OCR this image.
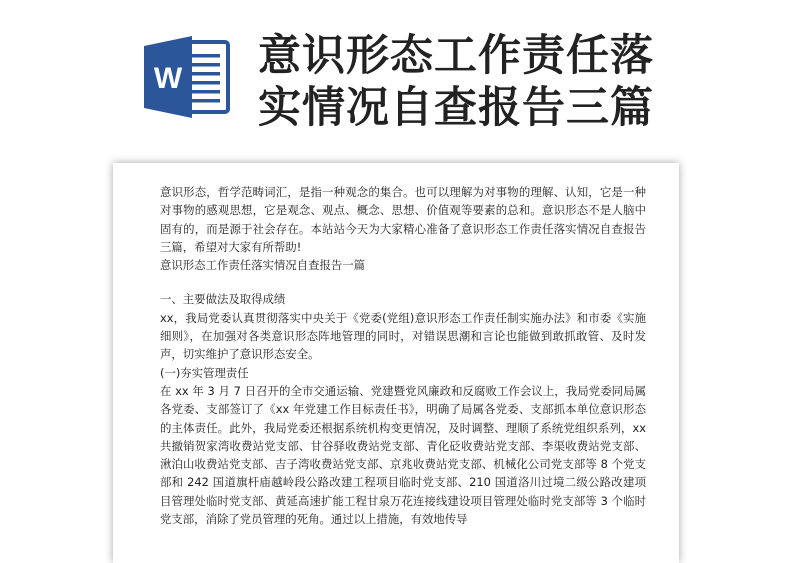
W 意识形态工作责任落
实情况自查报告三篇

意识形态，哲学范畴词汇，是指一种观念的集合。也可以理解为对事物的理解、认知，它是一种对事物的感观思想，它是观念、观点、概念、思想、价值观等要素的总和。意识形态不是人脑中固有的，而是源于社会存在。本站站今天为大家精心准备了意识形态工作责任落实情况自查报告三篇，希望对大家有所帮助!

意识形态工作责任落实情况自查报告一篇

一、主要做法及取得成绩

xx，我局党委认真贯彻落实中央关于《党委(党组)意识形态工作责任制实施办法》和市委《实施细则》，在加强对各类意识形态阵地管理的同时，对错误思潮和言论也能做到敢抓敢管、及时发声，切实维护了意识形态安全。

(一)夯实管理责任

在 xx 年 3 月 7 日召开的全市交通运输、党建暨党风廉政和反腐败工作会议上，我局党委同局属各党委、支部签订了《xx 年党建工作目标责任书》，明确了局属各党委、支部抓本单位意识形态的主体责任。此外，我局党委还根据系统机构变更情况，及时调整、理顺了系统党组织系列，xx 共撤销贺家湾收费站党支部、甘谷驿收费站党支部、青化砭收费站党支部、李渠收费站党支部、湫泊山收费站党支部、吉子湾收费站党支部、京兆收费站党支部、机械化公司党支部等 8 个党支部和 242 国道旗杆庙越岭段公路改建工程项目临时党支部、210 国道洛川过境二级公路改建项目管理处临时党支部、黄延高速扩能工程甘泉万花连接线建设项目管理处临时党支部等 3 个临时党支部，消除了党员管理的死角。通过以上措施，有效地传导
